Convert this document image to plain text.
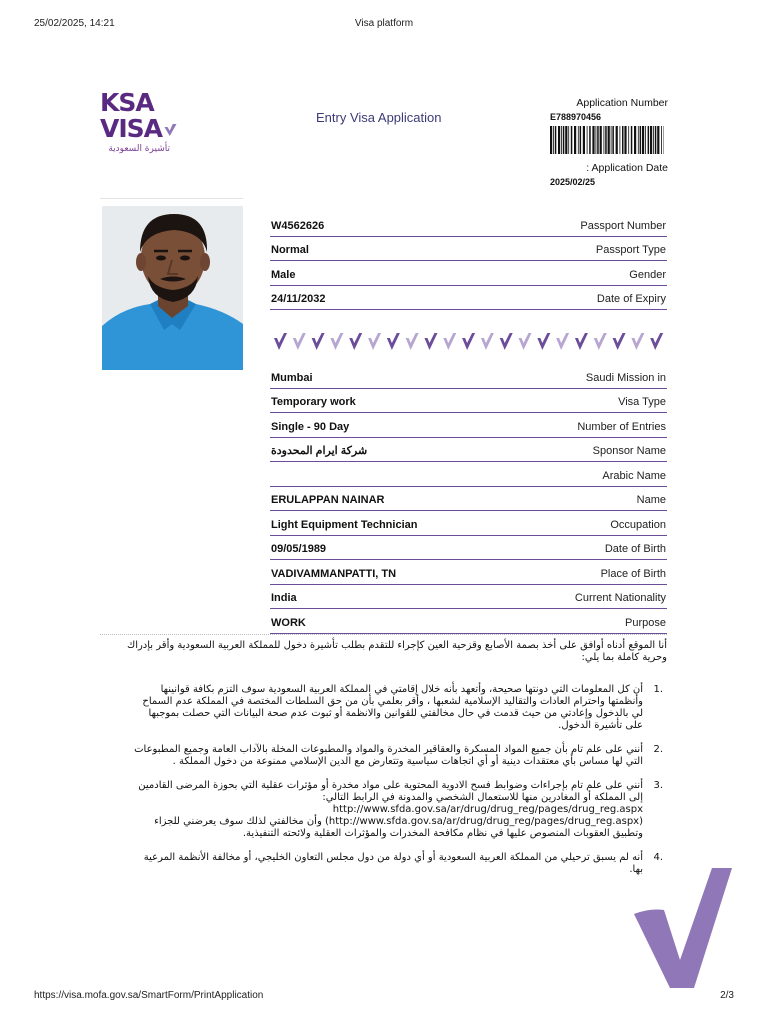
25/02/2025, 14:21	Visa platform
KSA
VISA
تأشيرة السعودية
Entry Visa Application
Application Number
E788970456
: Application Date
2025/02/25
W4562626	Passport Number
Normal	Passport Type
Male	Gender
24/11/2032	Date of Expiry
Mumbai	Saudi Mission in
Temporary work	Visa Type
Single - 90 Day	Number of Entries
شركة ايرام المحدودة	Sponsor Name
Arabic Name
ERULAPPAN NAINAR	Name
Light Equipment Technician	Occupation
09/05/1989	Date of Birth
VADIVAMMANPATTI, TN	Place of Birth
India	Current Nationality
WORK	Purpose
أنا الموقع أدناه أوافق على أخذ بصمة الأصابع وقزحية العين كإجراء للتقدم بطلب تأشيرة دخول للمملكة العربية السعودية وأقر بإدراك وحرية كاملة بما يلي:
1.
أن كل المعلومات التي دونتها صحيحة، وأتعهد بأنه خلال إقامتي في المملكة العربية السعودية سوف التزم بكافة قوانينها وأنظمتها واحترام العادات والتقاليد الإسلامية لشعبها ، وأقر بعلمي بأن من حق السلطات المختصة في المملكة عدم السماح لي بالدخول وإعادتي من حيث قدمت في حال مخالفتي للقوانين والانظمة أو ثبوت عدم صحة البيانات التي حصلت بموجبها على تأشيرة الدخول.
2.
أنني على علم تام بأن جميع المواد المسكرة والعقاقير المخدرة والمواد والمطبوعات المخلة بالآداب العامة وجميع المطبوعات التي لها مساس بأي معتقدات دينية أو أي اتجاهات سياسية وتتعارض مع الدين الإسلامي ممنوعة من دخول المملكة .
3.
أنني على علم تام بإجراءات وضوابط فسح الادوية المحتوية على مواد مخدرة أو مؤثرات عقلية التي بحوزة المرضى القادمين إلى المملكة أو المغادرين منها للاستعمال الشخصي والمدونة في الرابط التالي:
http://www.sfda.gov.sa/ar/drug/drug_reg/pages/drug_reg.aspx
(http://www.sfda.gov.sa/ar/drug/drug_reg/pages/drug_reg.aspx) وأن مخالفتي لذلك سوف يعرضني للجزاء وتطبيق العقوبات المنصوص عليها في نظام مكافحة المخدرات والمؤثرات العقلية ولائحته التنفيذية.
4.
أنه لم يسبق ترحيلي من المملكة العربية السعودية أو أي دولة من دول مجلس التعاون الخليجي، أو مخالفة الأنظمة المرعية بها.
https://visa.mofa.gov.sa/SmartForm/PrintApplication	2/3
